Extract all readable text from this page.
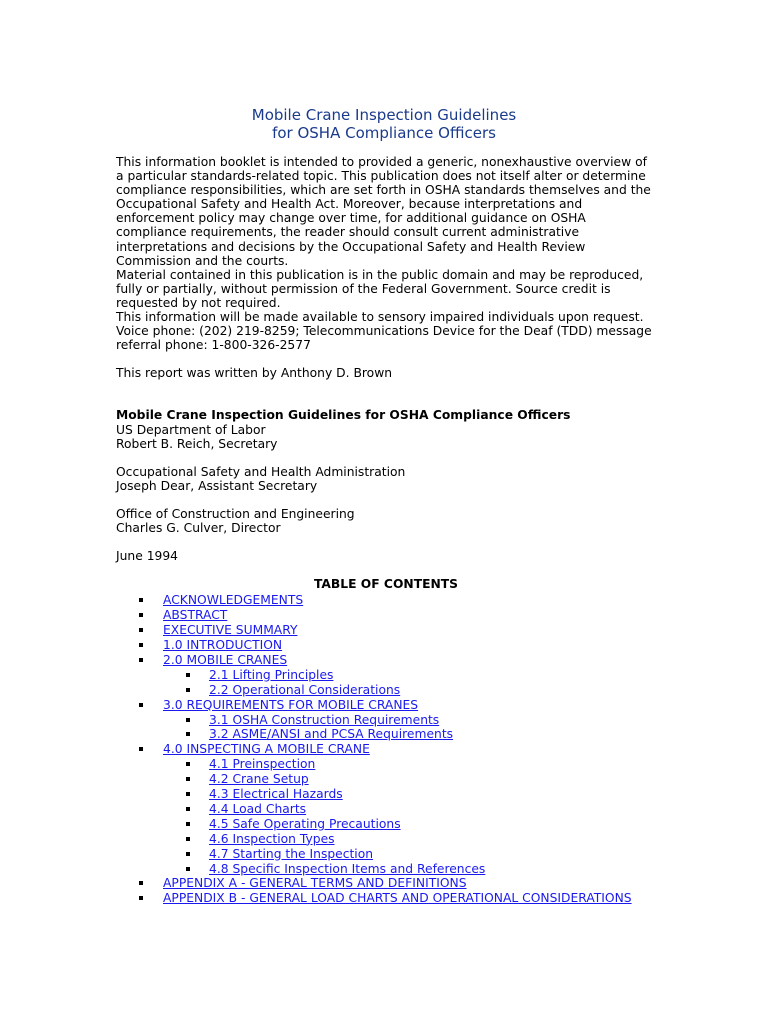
Mobile Crane Inspection Guidelines
for OSHA Compliance Officers

This information booklet is intended to provided a generic, nonexhaustive overview of a particular standards-related topic. This publication does not itself alter or determine compliance responsibilities, which are set forth in OSHA standards themselves and the Occupational Safety and Health Act. Moreover, because interpretations and enforcement policy may change over time, for additional guidance on OSHA compliance requirements, the reader should consult current administrative interpretations and decisions by the Occupational Safety and Health Review Commission and the courts.

Material contained in this publication is in the public domain and may be reproduced, fully or partially, without permission of the Federal Government. Source credit is requested by not required.

This information will be made available to sensory impaired individuals upon request. Voice phone: (202) 219-8259; Telecommunications Device for the Deaf (TDD) message referral phone: 1-800-326-2577

This report was written by Anthony D. Brown

Mobile Crane Inspection Guidelines for OSHA Compliance Officers

US Department of Labor

Robert B. Reich, Secretary

Occupational Safety and Health Administration

Joseph Dear, Assistant Secretary

Office of Construction and Engineering

Charles G. Culver, Director

June 1994

TABLE OF CONTENTS
ACKNOWLEDGEMENTS
ABSTRACT
EXECUTIVE SUMMARY
1.0 INTRODUCTION
2.0 MOBILE CRANES
2.1 Lifting Principles
2.2 Operational Considerations
3.0 REQUIREMENTS FOR MOBILE CRANES
3.1 OSHA Construction Requirements
3.2 ASME/ANSI and PCSA Requirements
4.0 INSPECTING A MOBILE CRANE
4.1 Preinspection
4.2 Crane Setup
4.3 Electrical Hazards
4.4 Load Charts
4.5 Safe Operating Precautions
4.6 Inspection Types
4.7 Starting the Inspection
4.8 Specific Inspection Items and References
APPENDIX A - GENERAL TERMS AND DEFINITIONS
APPENDIX B - GENERAL LOAD CHARTS AND OPERATIONAL CONSIDERATIONS
